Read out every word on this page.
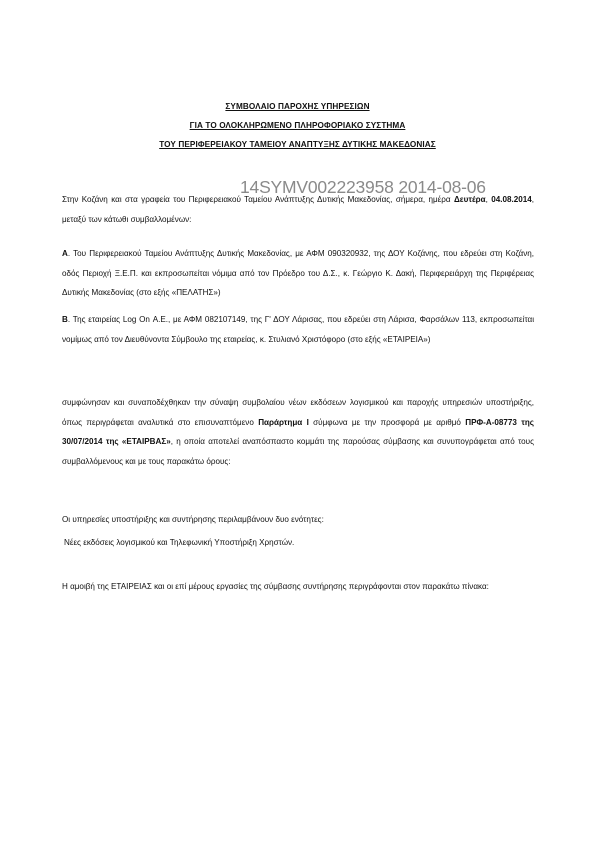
ΣΥΜΒΟΛΑΙΟ ΠΑΡΟΧΗΣ ΥΠΗΡΕΣΙΩΝ
ΓΙΑ ΤΟ ΟΛΟΚΛΗΡΩΜΕΝΟ ΠΛΗΡΟΦΟΡΙΑΚΟ ΣΥΣΤΗΜΑ
ΤΟΥ ΠΕΡΙΦΕΡΕΙΑΚΟΥ ΤΑΜΕΙΟΥ ΑΝΑΠΤΥΞΗΣ ΔΥΤΙΚΗΣ ΜΑΚΕΔΟΝΙΑΣ
14SYMV002223958 2014-08-06

Στην Κοζάνη και στα γραφεία του Περιφερειακού Ταμείου Ανάπτυξης Δυτικής Μακεδονίας, σήμερα, ημέρα Δευτέρα, 04.08.2014, μεταξύ των κάτωθι συμβαλλομένων:

Α. Του Περιφερειακού Ταμείου Ανάπτυξης Δυτικής Μακεδονίας, με ΑΦΜ 090320932, της ΔΟΥ Κοζάνης, που εδρεύει στη Κοζάνη, οδός Περιοχή Ξ.Ε.Π. και εκπροσωπείται νόμιμα από τον Πρόεδρο του Δ.Σ., κ. Γεώργιο Κ. Δακή, Περιφερειάρχη της Περιφέρειας Δυτικής Μακεδονίας (στο εξής «ΠΕΛΑΤΗΣ»)

Β. Της εταιρείας Log On Α.Ε., με ΑΦΜ 082107149, της Γ' ΔΟΥ Λάρισας, που εδρεύει στη Λάρισα, Φαρσάλων 113, εκπροσωπείται νομίμως από τον Διευθύνοντα Σύμβουλο της εταιρείας, κ. Στυλιανό Χριστόφορο (στο εξής «ΕΤΑΙΡΕΙΑ»)

συμφώνησαν και συναποδέχθηκαν την σύναψη συμβολαίου νέων εκδόσεων λογισμικού και παροχής υπηρεσιών υποστήριξης, όπως περιγράφεται αναλυτικά στο επισυναπτόμενο Παράρτημα Ι σύμφωνα με την προσφορά με αριθμό ΠΡΦ-Α-08773 της 30/07/2014 της «ΕΤΑΙΡΒΑΣ», η οποία αποτελεί αναπόσπαστο κομμάτι της παρούσας σύμβασης και συνυπογράφεται από τους συμβαλλόμενους και με τους παρακάτω όρους:

Οι υπηρεσίες υποστήριξης και συντήρησης περιλαμβάνουν δυο ενότητες:

Νέες εκδόσεις λογισμικού και Τηλεφωνική Υποστήριξη Χρηστών.

Η αμοιβή της ΕΤΑΙΡΕΙΑΣ και οι επί μέρους εργασίες της σύμβασης συντήρησης περιγράφονται στον παρακάτω πίνακα:
